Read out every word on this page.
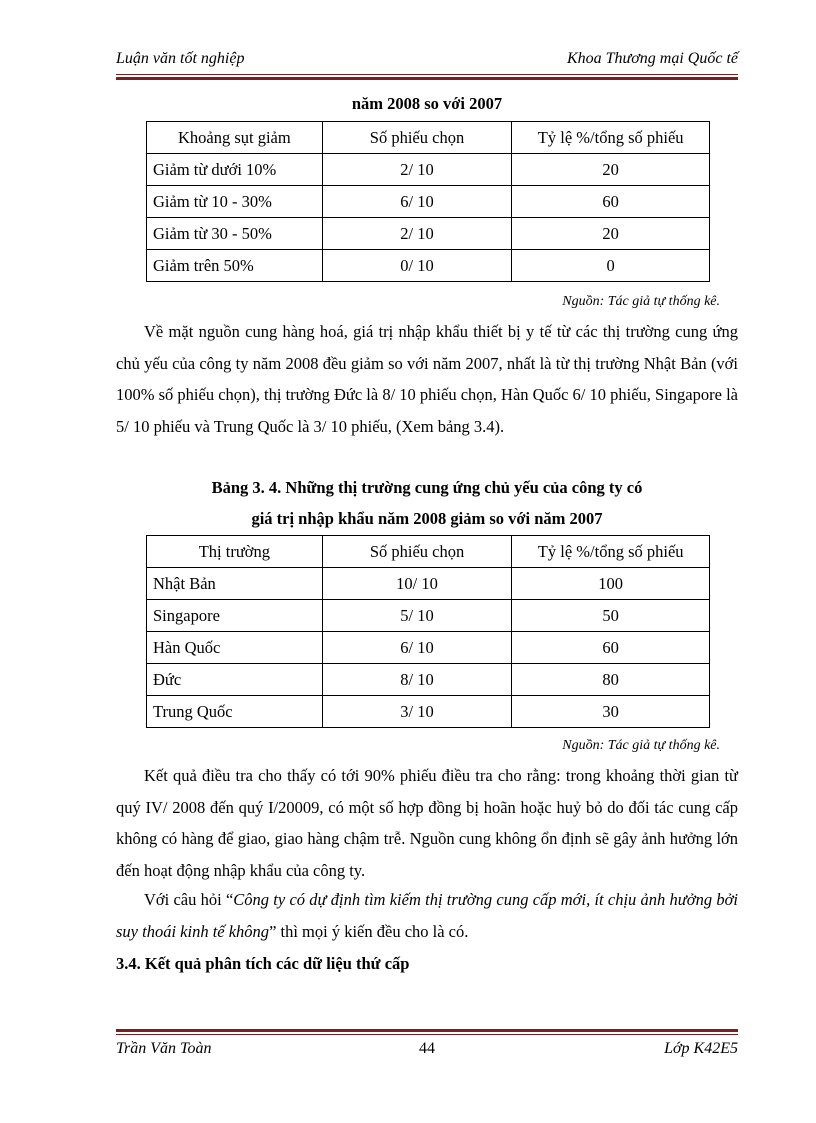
Luận văn tốt nghiệp	Khoa Thương mại Quốc tế
năm 2008 so với 2007
Khoảng sụt giảm	Số phiếu chọn	Tỷ lệ %/tổng số phiếu
Giảm từ dưới 10%	2/ 10	20
Giảm từ 10 - 30%	6/ 10	60
Giảm từ 30 - 50%	2/ 10	20
Giảm trên 50%	0/ 10	0
Nguồn: Tác giả tự thống kê.
Về mặt nguồn cung hàng hoá, giá trị nhập khẩu thiết bị y tế từ các thị trường cung ứng chủ yếu của công ty năm 2008 đều giảm so với năm 2007, nhất là từ thị trường Nhật Bản (với 100% số phiếu chọn), thị trường Đức là 8/ 10 phiếu chọn, Hàn Quốc 6/ 10 phiếu, Singapore là 5/ 10 phiếu và Trung Quốc là 3/ 10 phiếu, (Xem bảng 3.4).
Bảng 3. 4. Những thị trường cung ứng chủ yếu của công ty có
giá trị nhập khẩu năm 2008 giảm so với năm 2007
Thị trường	Số phiếu chọn	Tỷ lệ %/tổng số phiếu
Nhật Bản	10/ 10	100
Singapore	5/ 10	50
Hàn Quốc	6/ 10	60
Đức	8/ 10	80
Trung Quốc	3/ 10	30
Nguồn: Tác giả tự thống kê.
Kết quả điều tra cho thấy có tới 90% phiếu điều tra cho rằng: trong khoảng thời gian từ quý IV/ 2008 đến quý I/20009, có một số hợp đồng bị hoãn hoặc huỷ bỏ do đối tác cung cấp không có hàng để giao, giao hàng chậm trễ. Nguồn cung không ổn định sẽ gây ảnh hưởng lớn đến hoạt động nhập khẩu của công ty.
Với câu hỏi “Công ty có dự định tìm kiếm thị trường cung cấp mới, ít chịu ảnh hưởng bởi suy thoái kinh tế không” thì mọi ý kiến đều cho là có.
3.4. Kết quả phân tích các dữ liệu thứ cấp
Trần Văn Toàn	44	Lớp K42E5
